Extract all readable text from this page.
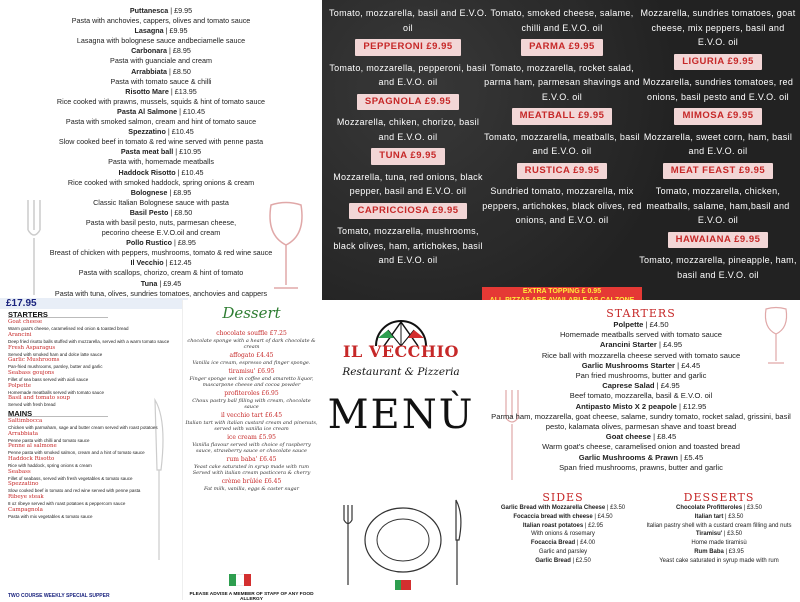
Puttanesca | £9.95
Pasta with anchovies, cappers, olives and tomato sauce
Lasagna | £9.95
Lasagna with bolognese sauce andbeciamelle sauce
Carbonara | £8.95
Pasta with guanciale and cream
Arrabbiata | £8.50
Pasta with tomato sauce & chilli
Risotto Mare | £13.95
Rice cooked with prawns, mussels, squids & hint of tomato sauce
Pasta Al Salmone | £10.45
Pasta with smoked salmon, cream and hint of tomato sauce
Spezzatino | £10.45
Slow cooked beef in tomato & red wine served with penne pasta
Pasta meat ball | £10.95
Pasta with, homemade meatballs
Haddock Risotto | £10.45
Rice cooked with smoked haddock, spring onions & cream
Bolognese | £8.95
Classic Italian Bolognese sauce with pasta
Basil Pesto | £8.50
Pasta with basil pesto, nuts, parmesan cheese,
pecorino cheese E.V.O.oil and cream
Pollo Rustico | £8.95
Breast of chicken with peppers, mushrooms, tomato & red wine sauce
Il Vecchio | £12.45
Pasta with scallops, chorizo, cream & hint of tomato
Tuna | £9.45
Pasta with tuna, olives, sundries tomatoes, anchovies and cappers
Tomato, mozzarella, basil and E.V.O. oil
PEPPERONI £9.95
Tomato, mozzarella, pepperoni, basil and E.V.O. oil
SPAGNOLA £9.95
Mozzarella, chiken, chorizo, basil and E.V.O. oil
TUNA £9.95
Mozzarella, tuna, red onions, black pepper, basil and E.V.O. oil
CAPRICCIOSA £9.95
Tomato, mozzarella, mushrooms, black olives, ham, artichokes, basil and E.V.O. oil
Tomato, smoked cheese, salame, chilli and E.V.O. oil
PARMA £9.95
Tomato, mozzarella, rocket salad, parma ham, parmesan shavings and E.V.O. oil
MEATBALL £9.95
Tomato, mozzarella, meatballs, basil and E.V.O. oil
RUSTICA £9.95
Sundried tomato, mozzarella, mix peppers, artichokes, black olives, red onions, and E.V.O. oil
Mozzarella, sundries tomatoes, goat cheese, mix peppers, basil and E.V.O. oil
LIGURIA £9.95
Mozzarella, sundries tomatoes, red onions, basil pesto and E.V.O. oil
MIMOSA £9.95
Mozzarella, sweet corn, ham, basil and E.V.O. oil
MEAT FEAST £9.95
Tomato, mozzarella, chicken, meatballs, salame, ham,basil and E.V.O. oil
HAWAIANA £9.95
Tomato, mozzarella, pineapple, ham, basil and E.V.O. oil
EXTRA TOPPING £ 0.95
£17.95
STARTERS
Goat cheese
Warm goat's cheese, caramelised red onion & toasted bread
Arancini
Deep fried risotto balls stuffed with mozzarella, served with a warm tomato sauce
Fresh Asparagus
Served with smoked ham and dolce latte sauce
Garlic Mushrooms
Pan-fried mushrooms, parsley, butter and garlic
Seabass goujons
Fillet of sea bass served with aioli sauce
Polpette
Homemade meatballs served with tomato sauce
Basil and tomato soup
Served with fresh bread
MAINS
Saltimbocca
Chicken with parmaham, sage and butter cream served with roast potatoes
Arrabbiata
Penne pasta with chilli and tomato sauce
Penne al salmone
Penne pasta with smoked salmon, cream and a hint of tomato sauce
Haddock Risotto
Rice with haddock, spring onions & cream
Seabass
Fillet of seabass, served with fresh vegetables & tomato sauce
Spezzatino
Slow cooked beef in tomato and red wine served with penne pasta
Ribeye steak
8 oz ribeye served with roast potatoes & peppercorn sauce
Campagnola
Pasta with mix vegetables & tomato sauce
TWO COURSE WEEKLY SPECIAL SUPPER
Dessert
chocolate souffle £7.25
chocolate sponge with a heart of dark chocolate & cream
affogato £4.45
Vanilla ice cream, espresso and finger sponge.
tiramisu' £6.95
Finger sponge wet in coffee and amaretto liquor, mascarpone cheese and cocoa powder
profiteroles £6.95
Choux pastry ball filling with cream, chocolate sauce
il vecchio tart £6.45
Italian tart with italian custard cream and pinenuts, served with vanilla ice cream
ice cream £5.95
Vanilla flavour served with choice of raspberry sauce, strawberry sauce or chocolate sauce
rum baba' £6.45
Yeast cake saturated in syrup made with rum Served with italian cream pasticcera & cherry
crème brûlée £6.45
Fat milk, vanilla, eggs & caster sugar
PLEASE ADVISE A MEMBER OF STAFF OF ANY FOOD ALLERGY
IL VECCHIO
Restaurant & Pizzeria
MENÙ
STARTERS
Polpette | £4.50
Homemade meatballs served with tomato sauce
Arancini Starter | £4.95
Rice ball with mozzarella cheese served with tomato sauce
Garlic Mushrooms Starter | £4.45
Pan fried mushrooms, butter and garlic
Caprese Salad | £4.95
Beef tomato, mozzarella, basil & E.V.O. oil
Antipasto Misto X 2 peapole | £12.95
Parma ham, mozzarella, goat cheese, salame, sundry tomato, rocket salad, grissini, basil pesto, kalamata olives, parmesan shave and toast bread
Goat cheese | £8.45
Warm goat's cheese, caramelised onion and toasted bread
Garlic Mushrooms & Prawn | £5.45
Span fried mushrooms, prawns, butter and garlic
SIDES
Garlic Bread with Mozzarella Cheese | £3.50
Focaccia bread with cheese | £4.50
Italian roast potatoes | £2.95
With onions & rosemary
Focaccia Bread | £4.00
Garlic and parsley
Garlic Bread | £2.50
DESSERTS
Chocolate Profitteroles | £3.50
Italian tart | £3.50
Italian pastry shell with a custard cream filling and nuts
Tiramisu' | £3.50
Home made tiramisù
Rum Baba | £3.95
Yeast cake saturated in syrup made with rum
